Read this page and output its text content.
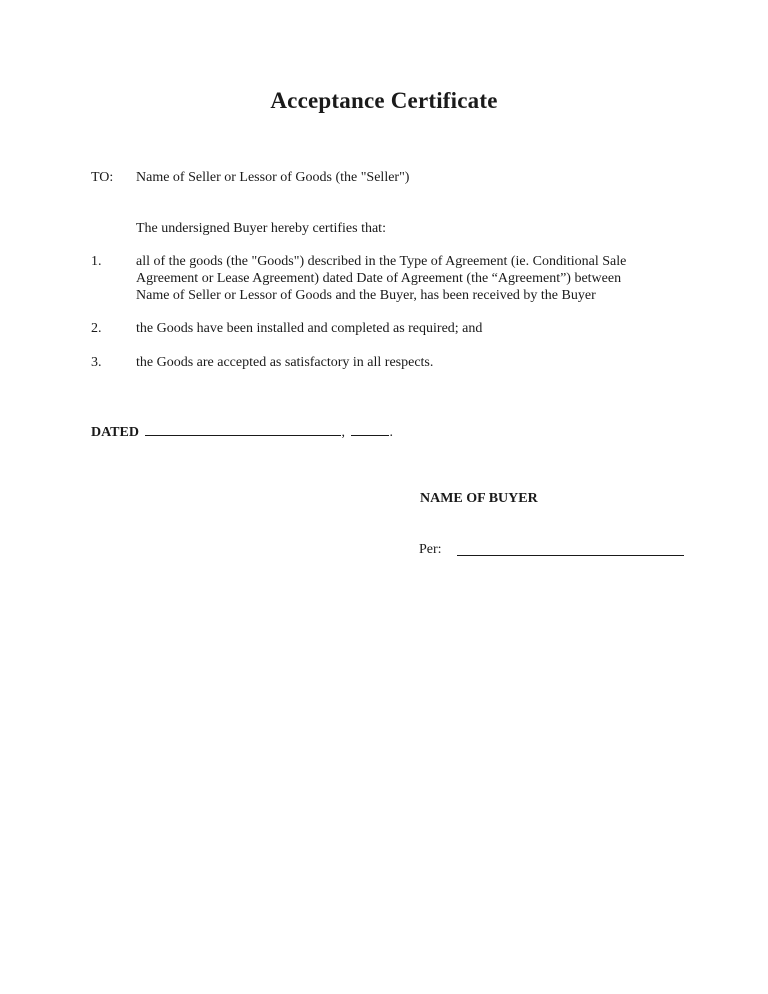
Acceptance Certificate
TO: Name of Seller or Lessor of Goods (the "Seller")
The undersigned Buyer hereby certifies that:
1. all of the goods (the "Goods") described in the Type of Agreement (ie. Conditional Sale
Agreement or Lease Agreement) dated Date of Agreement (the “Agreement”) between
Name of Seller or Lessor of Goods and the Buyer, has been received by the Buyer
2. the Goods have been installed and completed as required; and
3. the Goods are accepted as satisfactory in all respects.
DATED	,	.
NAME OF BUYER
Per:
